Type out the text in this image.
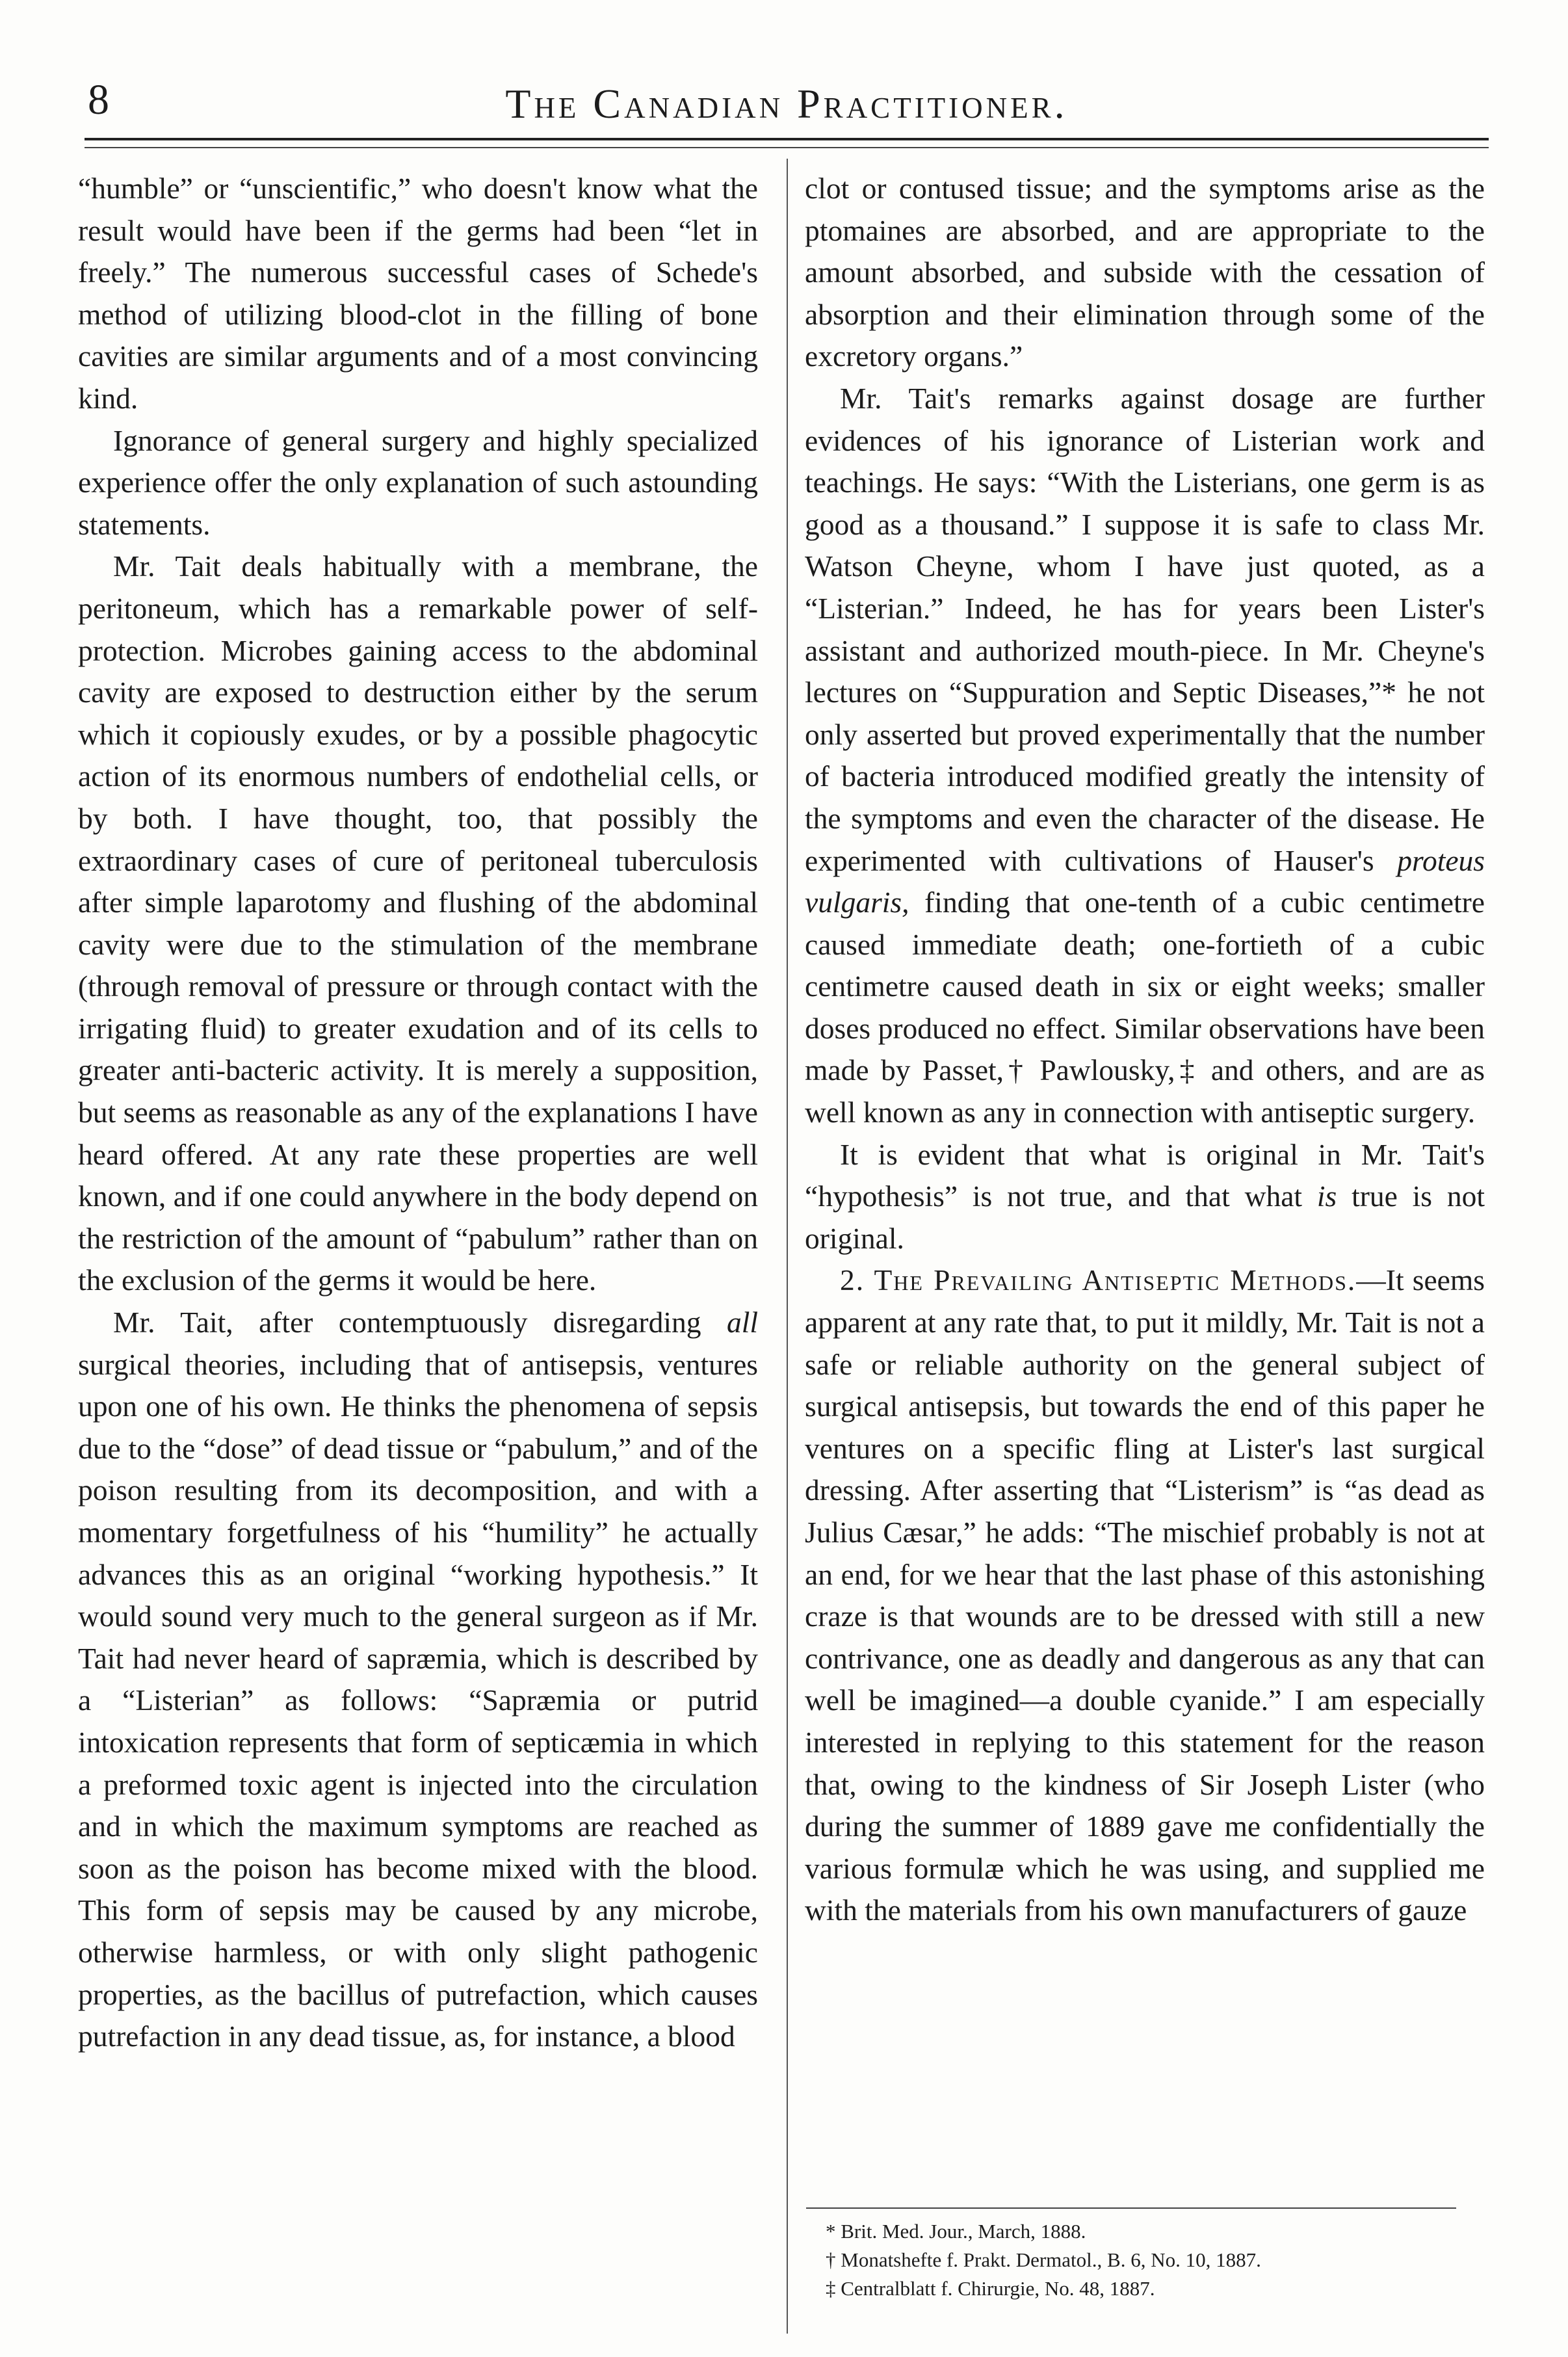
8	The Canadian Practitioner.

“humble” or “unscientific,” who doesn't know what the result would have been if the germs had been “let in freely.” The numerous successful cases of Schede's method of utilizing blood-clot in the filling of bone cavities are similar arguments and of a most convincing kind.

Ignorance of general surgery and highly specialized experience offer the only explanation of such astounding statements.

Mr. Tait deals habitually with a membrane, the peritoneum, which has a remarkable power of self-protection. Microbes gaining access to the abdominal cavity are exposed to destruction either by the serum which it copiously exudes, or by a possible phagocytic action of its enormous numbers of endothelial cells, or by both. I have thought, too, that possibly the extraordinary cases of cure of peritoneal tuberculosis after simple laparotomy and flushing of the abdominal cavity were due to the stimulation of the membrane (through removal of pressure or through contact with the irrigating fluid) to greater exudation and of its cells to greater anti-bacteric activity. It is merely a supposition, but seems as reasonable as any of the explanations I have heard offered. At any rate these properties are well known, and if one could anywhere in the body depend on the restriction of the amount of “pabulum” rather than on the exclusion of the germs it would be here.

Mr. Tait, after contemptuously disregarding all surgical theories, including that of antisepsis, ventures upon one of his own. He thinks the phenomena of sepsis due to the “dose” of dead tissue or “pabulum,” and of the poison resulting from its decomposition, and with a momentary forgetfulness of his “humility” he actually advances this as an original “working hypothesis.” It would sound very much to the general surgeon as if Mr. Tait had never heard of sapræmia, which is described by a “Listerian” as follows: “Sapræmia or putrid intoxication represents that form of septicæmia in which a preformed toxic agent is injected into the circulation and in which the maximum symptoms are reached as soon as the poison has become mixed with the blood. This form of sepsis may be caused by any microbe, otherwise harmless, or with only slight pathogenic properties, as the bacillus of putrefaction, which causes putrefaction in any dead tissue, as, for instance, a blood

clot or contused tissue; and the symptoms arise as the ptomaines are absorbed, and are appropriate to the amount absorbed, and subside with the cessation of absorption and their elimination through some of the excretory organs.”

Mr. Tait's remarks against dosage are further evidences of his ignorance of Listerian work and teachings. He says: “With the Listerians, one germ is as good as a thousand.” I suppose it is safe to class Mr. Watson Cheyne, whom I have just quoted, as a “Listerian.” Indeed, he has for years been Lister's assistant and authorized mouth-piece. In Mr. Cheyne's lectures on “Suppuration and Septic Diseases,”* he not only asserted but proved experimentally that the number of bacteria introduced modified greatly the intensity of the symptoms and even the character of the disease. He experimented with cultivations of Hauser's proteus vulgaris, finding that one-tenth of a cubic centimetre caused immediate death; one-fortieth of a cubic centimetre caused death in six or eight weeks; smaller doses produced no effect. Similar observations have been made by Passet,† Pawlousky,‡ and others, and are as well known as any in connection with antiseptic surgery.

It is evident that what is original in Mr. Tait's “hypothesis” is not true, and that what is true is not original.

2. The Prevailing Antiseptic Methods.—It seems apparent at any rate that, to put it mildly, Mr. Tait is not a safe or reliable authority on the general subject of surgical antisepsis, but towards the end of this paper he ventures on a specific fling at Lister's last surgical dressing. After asserting that “Listerism” is “as dead as Julius Cæsar,” he adds: “The mischief probably is not at an end, for we hear that the last phase of this astonishing craze is that wounds are to be dressed with still a new contrivance, one as deadly and dangerous as any that can well be imagined—a double cyanide.” I am especially interested in replying to this statement for the reason that, owing to the kindness of Sir Joseph Lister (who during the summer of 1889 gave me confidentially the various formulæ which he was using, and supplied me with the materials from his own manufacturers of gauze

* Brit. Med. Jour., March, 1888.
† Monatshefte f. Prakt. Dermatol., B. 6, No. 10, 1887.
‡ Centralblatt f. Chirurgie, No. 48, 1887.
